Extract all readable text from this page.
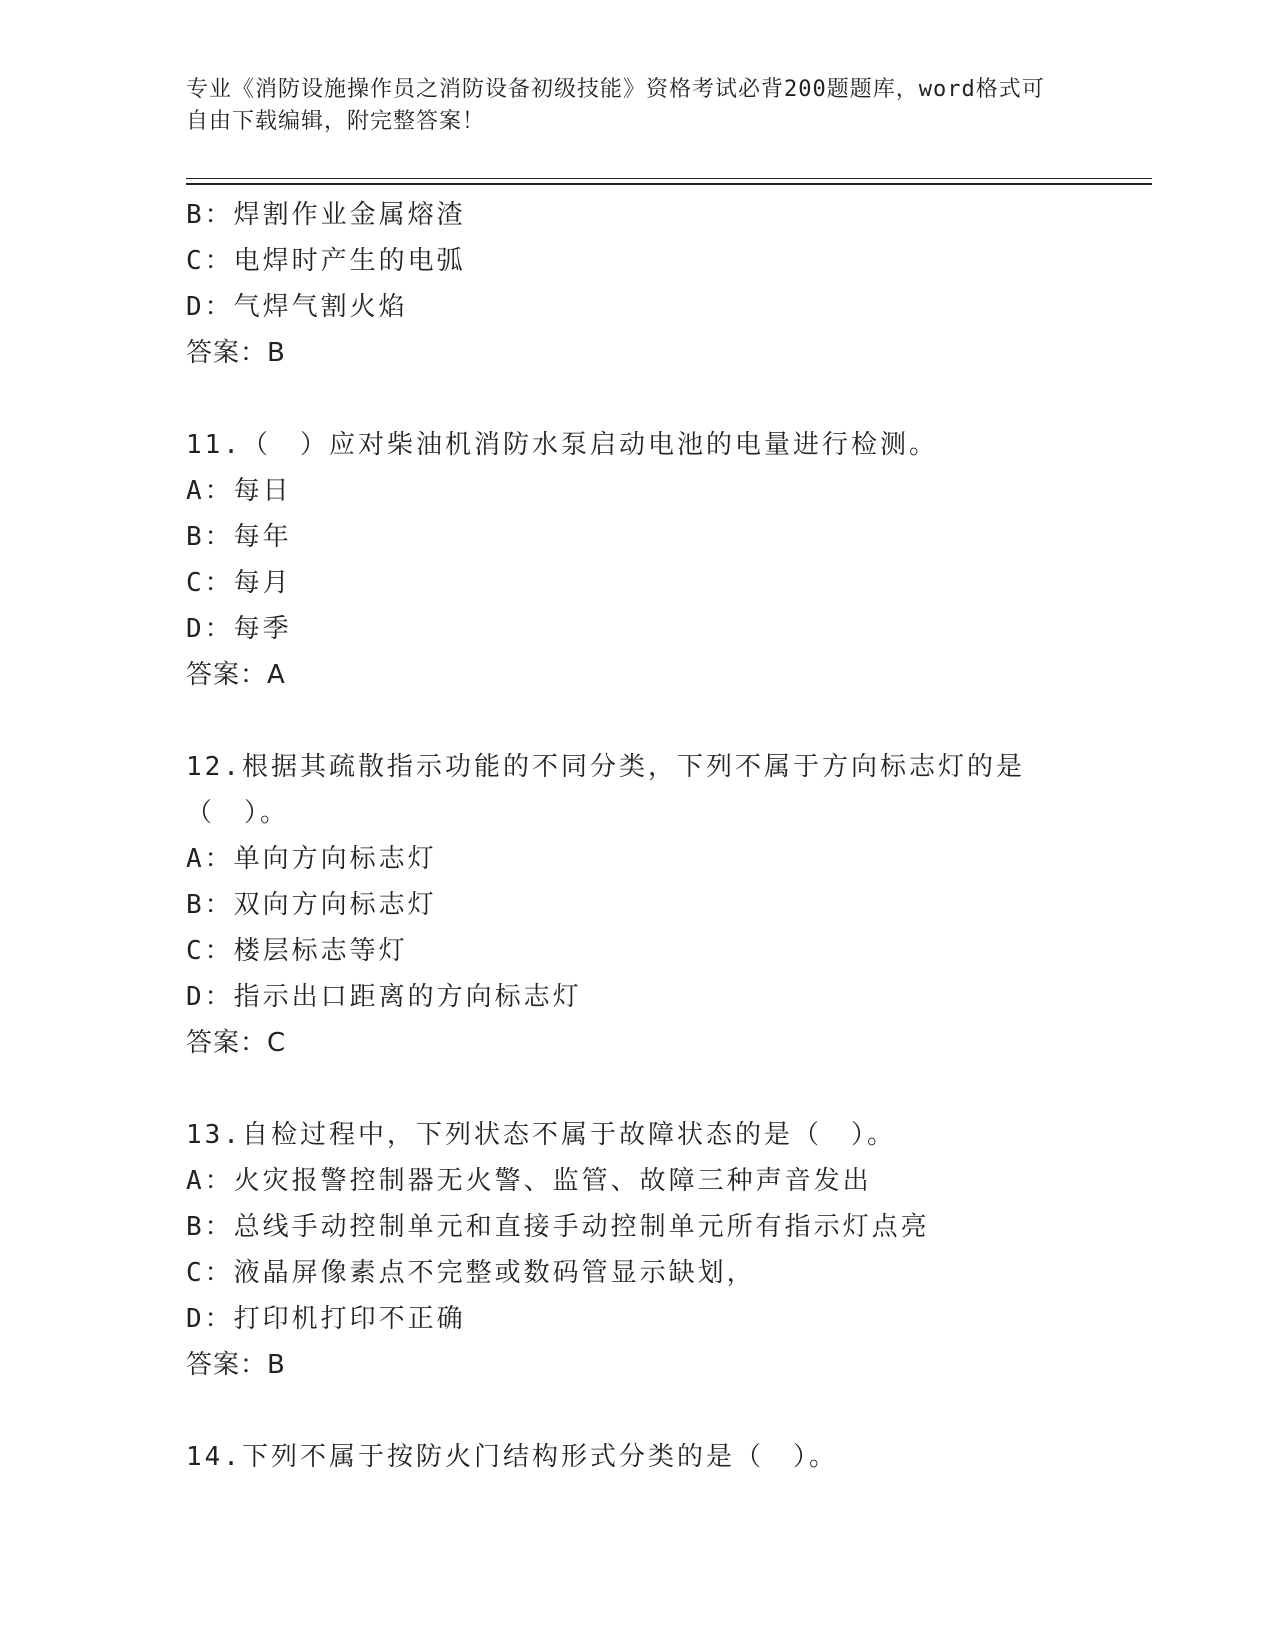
专业《消防设施操作员之消防设备初级技能》资格考试必背200题题库，word格式可自由下载编辑，附完整答案！
B：焊割作业金属熔渣
C：电焊时产生的电弧
D：气焊气割火焰
答案：B
11.（　）应对柴油机消防水泵启动电池的电量进行检测。
A：每日
B：每年
C：每月
D：每季
答案：A
12.根据其疏散指示功能的不同分类，下列不属于方向标志灯的是（　）。
A：单向方向标志灯
B：双向方向标志灯
C：楼层标志等灯
D：指示出口距离的方向标志灯
答案：C
13.自检过程中，下列状态不属于故障状态的是（　）。
A：火灾报警控制器无火警、监管、故障三种声音发出
B：总线手动控制单元和直接手动控制单元所有指示灯点亮
C：液晶屏像素点不完整或数码管显示缺划，
D：打印机打印不正确
答案：B
14.下列不属于按防火门结构形式分类的是（　）。
